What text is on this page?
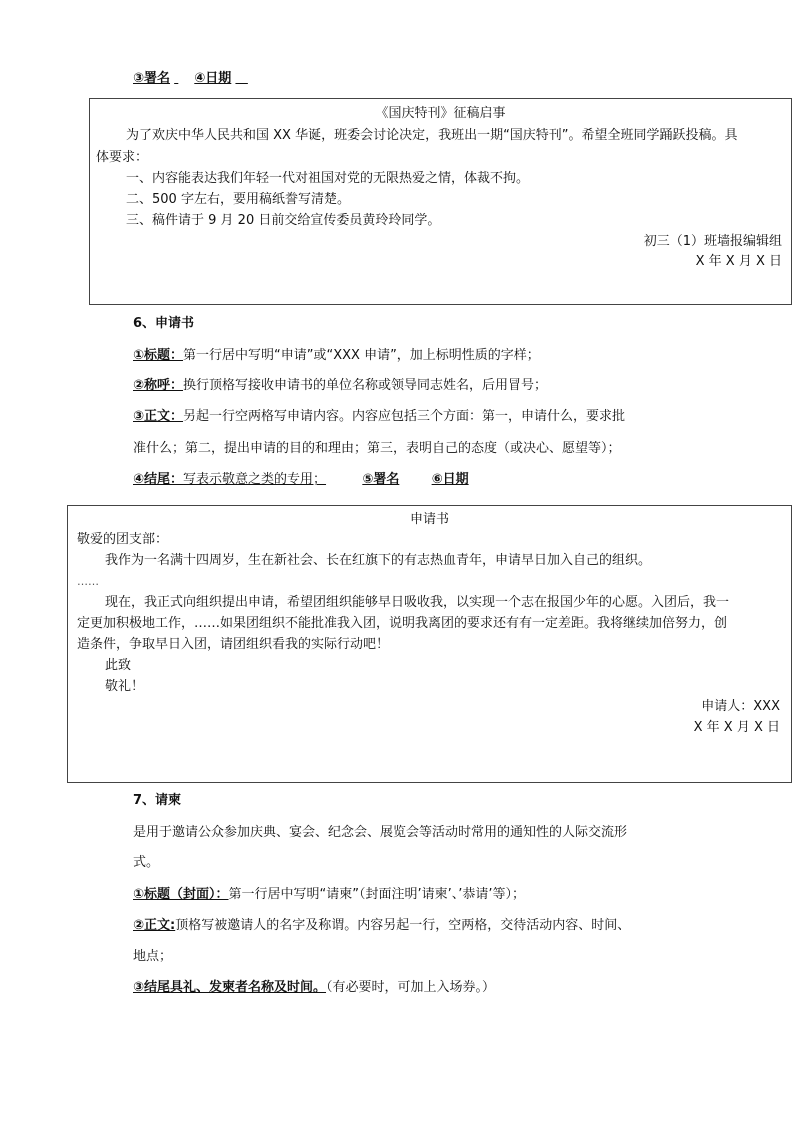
③署名 ④日期
《国庆特刊》征稿启事
为了欢庆中华人民共和国 XX 华诞，班委会讨论决定，我班出一期“国庆特刊”。希望全班同学踊跃投稿。具
体要求：
一、内容能表达我们年轻一代对祖国对党的无限热爱之情，体裁不拘。
二、500 字左右，要用稿纸誊写清楚。
三、稿件请于 9 月 20 日前交给宣传委员黄玲玲同学。
初三（1）班墙报编辑组
X 年 X 月 X 日
6、申请书
①标题：第一行居中写明“申请”或“XXX 申请”，加上标明性质的字样；
②称呼：换行顶格写接收申请书的单位名称或领导同志姓名，后用冒号；
③正文：另起一行空两格写申请内容。内容应包括三个方面：第一，申请什么，要求批
准什么；第二，提出申请的目的和理由；第三，表明自己的态度（或决心、愿望等）；
④结尾：写表示敬意之类的专用；	⑤署名 ⑥日期
申请书
敬爱的团支部：
我作为一名满十四周岁，生在新社会、长在红旗下的有志热血青年，申请早日加入自己的组织。
……
现在，我正式向组织提出申请，希望团组织能够早日吸收我，以实现一个志在报国少年的心愿。入团后，我一
定更加积极地工作，……如果团组织不能批准我入团，说明我离团的要求还有有一定差距。我将继续加倍努力，创
造条件，争取早日入团，请团组织看我的实际行动吧！
此致
敬礼！
申请人：XXX
X 年 X 月 X 日
7、请柬
是用于邀请公众参加庆典、宴会、纪念会、展览会等活动时常用的通知性的人际交流形
式。
①标题（封面）：第一行居中写明“请柬”（封面注明’请柬’、’恭请’等）；
②正文:顶格写被邀请人的名字及称谓。内容另起一行，空两格，交待活动内容、时间、
地点；
③结尾具礼、发柬者名称及时间。（有必要时，可加上入场券。）
